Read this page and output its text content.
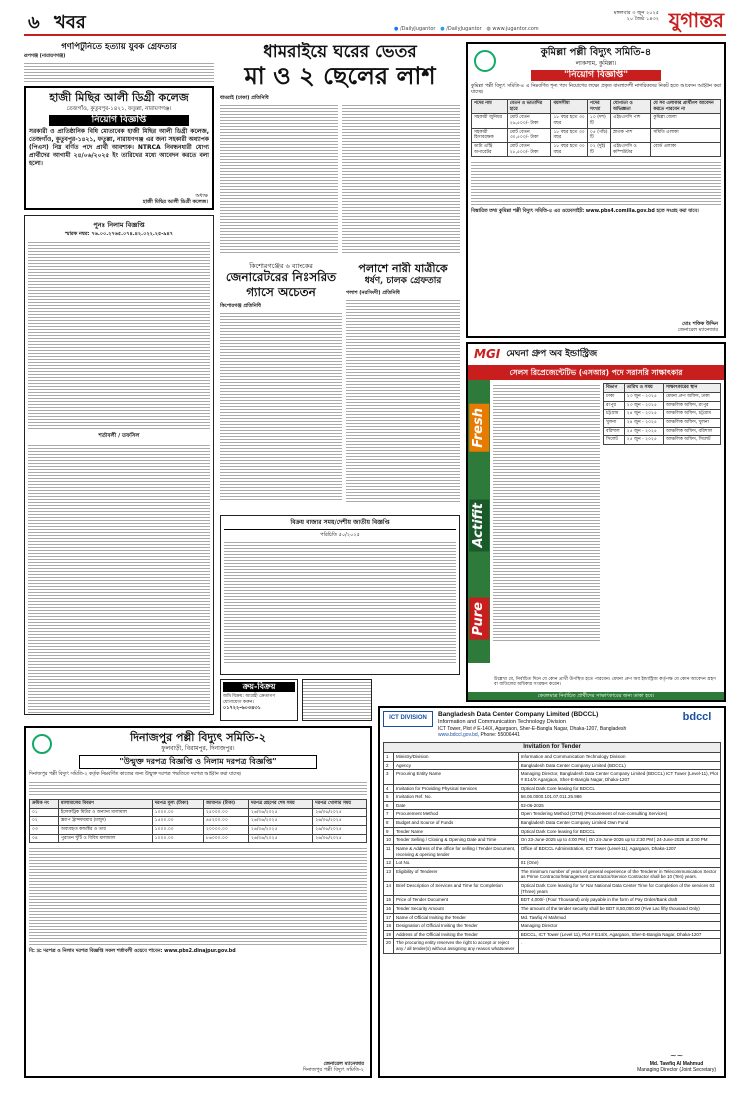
৬ খবর	● /DailyJugantor ● /DailyJugantor ◍ www.jugantor.com
মঙ্গলবার ৩ জুন ২০২৫
২০ জৈষ্ঠ ১৪৩২ যুগান্তর
গণপিটুনিতে হত্যায় যুবক গ্রেফতার
রূপগঞ্জ (নারায়ণগঞ্জ)
হাজী মিছির আলী ডিগ্রী কলেজ
তেজগাঁও, কুতুবপুর-১৪২১, ফতুল্লা, নারায়ণগঞ্জ।
নিয়োগ বিজ্ঞপ্তি
সরকারী ও প্রাতিষ্ঠানিক বিধি মোতাবেক হাজী মিছির আলী ডিগ্রী কলেজ, তেজগাঁও, কুতুবপুর-১৪২১, ফতুল্লা, নারায়ণগঞ্জ এর জন্য সহকারী অধ্যাপক (পিএস) নিম্ন বর্ণিত পদে প্রার্থী আবশ্যক। NTRCA নিবন্ধনধারী যোগ্য প্রার্থীদের আগামী ২৪/০৬/২০২৫ ইং তারিখের মধ্যে আবেদন করতে বলা হলো।
অধ্যক্ষ
হাজী মিছির আলী ডিগ্রী কলেজ।
পুনঃ নিলাম বিজ্ঞপ্তি
স্মারক নম্বর: ৭৬.০০.২৭৬৫.০৭৪.৪২.০২২.২৫-৯৪৭
শর্তাবলী / তফসিল
ধামরাইয়ে ঘরের ভেতর
মা ও ২ ছেলের লাশ
ধামরাই (ঢাকা) প্রতিনিধি
কিশোরগঞ্জের ৬ ব্যাংকের
জেনারেটরের নিঃসরিত
গ্যাসে অচেতন
কিশোরগঞ্জ প্রতিনিধি
পলাশে নারী যাত্রীকে
ধর্ষণ, চালক গ্রেফতার
পলাশ (নরসিংদী) প্রতিনিধি
বিক্রয় বাজার সময়/দেশীয় জাতীয় বিজ্ঞপ্তি
পরিচিতি ৫০/২০২৫
কুমিল্লা পল্লী বিদ্যুৎ সমিতি-৪
লাকসাম, কুমিল্লা।
"নিয়োগ বিজ্ঞপ্তি"
কুমিল্লা পল্লী বিদ্যুৎ সমিতি-৪ এ নিম্নবর্ণিত শূন্য পদে নিয়োগের লক্ষ্যে প্রকৃত বাংলাদেশী নাগরিকদের নিকট হতে আবেদন আহ্বান করা যাচ্ছে।
পদের নাম	বেতন ও ভাতাদির হারে	বয়সসীমা	পদের সংখ্যা	যোগ্যতা ও অভিজ্ঞতা	যে সব এলাকার প্রার্থীগণ আবেদন করতে পারবেন না
সহকারী জুনিয়র	মোট বেতন ২৬,৫০০/- টাকা	১৮ বছর হতে ৩০ বছর	১০ (দশ) টি	এইচএসসি পাশ	কুমিল্লা জেলা
সহকারী হিসাবরক্ষক	মোট বেতন ৩০,৫০০/- টাকা	১৮ বছর হতে ৩০ বছর	০৫ (পাঁচ) টি	স্নাতক পাশ	সমিতি এলাকা
ডাটা এন্ট্রি অপারেটর	মোট বেতন ২৮,৫০০/- টাকা	১৮ বছর হতে ৩০ বছর	০২ (দুই) টি	এইচএসসি ও কম্পিউটার	বোর্ড এলাকা
বিস্তারিত তথ্য কুমিল্লা পল্লী বিদ্যুৎ সমিতি-৪ এর ওয়েবসাইট: www.pbs4.comilla.gov.bd হতে সংগ্রহ করা যাবে।
মোঃ শফিক উদ্দিন
জেনারেল ম্যানেজার
MGI মেঘনা গ্রুপ অব ইন্ডাস্ট্রিজ
সেলস রিপ্রেজেন্টেটিভ (এসআর) পদে সরাসরি সাক্ষাৎকার
Fresh
Actifit
Pure
বিভাগ	তারিখ ও সময়	সাক্ষাৎকারের স্থান
ঢাকা	২৩ জুন - ২০২৫	মেঘনা গ্রুপ অফিস, ঢাকা
রংপুর	২৩ জুন - ২০২৫	আঞ্চলিক অফিস, রংপুর
চট্টগ্রাম	২৪ জুন - ২০২৫	আঞ্চলিক অফিস, চট্টগ্রাম
খুলনা	২৪ জুন - ২০২৫	আঞ্চলিক অফিস, খুলনা
বরিশাল	২৫ জুন - ২০২৫	আঞ্চলিক অফিস, বরিশাল
সিলেট	২৫ জুন - ২০২৫	আঞ্চলিক অফিস, সিলেট
উল্লেখ্য যে, নির্বাচিত দিনে যে কোন প্রার্থী উপস্থিত হতে পারবেন। মেঘনা গ্রুপ অব ইন্ডাস্ট্রিজ কর্তৃপক্ষ যে কোন আবেদন গ্রহণ বা বাতিলের অধিকার সংরক্ষণ করেন।
কেবলমাত্র নির্বাচিত প্রার্থীদের সাক্ষাৎকারের জন্য ডাকা হবে।
ক্রয়-বিক্রয়
জমি বিক্রয়: আগ্রহী ক্রেতাগণ যোগাযোগ করুন।
০১৭২২-৬০৩৪৩১
দিনাজপুর পল্লী বিদ্যুৎ সমিতি-২
ফুলবাড়ী, বিরামপুর, দিনাজপুর।
"উন্মুক্ত দরপত্র বিজ্ঞপ্তি ও নিলাম দরপত্র বিজ্ঞপ্তি"
দিনাজপুর পল্লী বিদ্যুৎ সমিতি-২ কর্তৃক নিম্নবর্ণিত কাজের জন্য উন্মুক্ত দরপত্র পদ্ধতিতে দরপত্র আহ্বান করা যাচ্ছে।
ক্রমিক নং	মালামালের বিবরণ	দরপত্র মূল্য (টাকা)	জামানত (টাকা)	দরপত্র গ্রহণের শেষ সময়	দরপত্র খোলার সময়
০১	ইলেকট্রিক মিটার ও অন্যান্য মালামাল	১০০০.০০	২৫০০০.০০	২৬/০৬/২০২৫	২৬/০৬/২০২৫
০২	স্ক্র্যাপ ট্রান্সফরমার (মজুদ)	১৫০০.০০	৪৫২০০.০০	২৬/০৬/২০২৫	২৬/০৬/২০২৫
০৩	অব্যবহৃত কন্ডাক্টর ও তার	১০০০.০০	২০০০০.০০	২৬/০৬/২০২৫	২৬/০৬/২০২৫
০৪	পুরাতন খুঁটি ও বিবিধ মালামাল	১০০০.০০	৮৬০০০.০০	২৬/০৬/২০২৫	২৬/০৬/২০২৫
বি: দ্র: দরপত্র ও নিলাম দরপত্র বিজ্ঞপ্তি সকল শর্তাবলী ওয়েবে পাবেন: www.pbs2.dinajpur.gov.bd
জেনারেল ম্যানেজার
দিনাজপুর পল্লী বিদ্যুৎ সমিতি-২
ICT DIVISION	Bangladesh Data Center Company Limited (BDCCL)
Information and Communication Technology Division
ICT Tower, Plot # E-14/X, Agargaon, Sher-E-Bangla Nagar, Dhaka-1207, Bangladesh
www.bdccl.gov.bd, Phone: 55006441
bdccl
Invitation for Tender		
1	Ministry/Division	Information and Communication Technology Division
2	Agency	Bangladesh Data Center Company Limited (BDCCL)
3	Procuring Entity Name	Managing Director, Bangladesh Data Center Company Limited (BDCCL) ICT Tower (Level-11), Plot # E14/X Agargaon, Sher-E-Bangla Nagar, Dhaka-1207
4	Invitation for Providing Physical Services	Optical Dark Core leasing for BDCCL
5	Invitation Ref. No.	56.06.0000.101.07.011.25.986
6	Date	02-06-2025
7	Procurement Method	Open Tendering Method (OTM) (Procurement of non-consulting Services)
8	Budget and Source of Funds	Bangladesh Data Center Company Limited Own Fund
9	Tender Name	Optical Dark Core leasing for BDCCL
10	Tender Selling / Closing & Opening Date and Time	On 23-June-2025 up to 4:00 PM | On 24-June-2025 up to 2:30 PM | 24-June-2025 at 3:00 PM
11	Name & Address of the office for selling / Tender Document, receiving & opening tender	Office of BDCCL Administration, ICT Tower (Level-11), Agargaon, Dhaka-1207
12	Lot No.	01 (One)
13	Eligibility of Tenderer	The minimum number of years of general experience of the Tenderer in Telecommunication Sector as Prime Contractor/Management Contractor/Service Contractor shall be 10 (Ten) years.
14	Brief Description of Services and Time for Completion	Optical Dark Core leasing for 'iv' Nar National Data Center Time for Completion of the services 03 (Three) years
15	Price of Tender Document	BDT 4,000/- (Four Thousand) only payable in the form of Pay Order/Bank draft
16	Tender Security Amount	The amount of the tender security shall be BDT 8,50,000.00 (Five Lac fifty thousand Only)
17	Name of Official Inviting the Tender	Md. Tawfiq Al Mahmud
18	Designation of Official Inviting the Tender	Managing Director
19	Address of the Official Inviting the Tender	BDCCL, ICT Tower (Level 11), Plot # E14/X, Agargaon, Sher-E-Bangla Nagar, Dhaka-1207
20	The procuring entity reserves the right to accept or reject any / all tender(s) without assigning any reason whatsoever	.
~~
Md. Tawfiq Al Mahmud
Managing Director (Joint Secretary)
